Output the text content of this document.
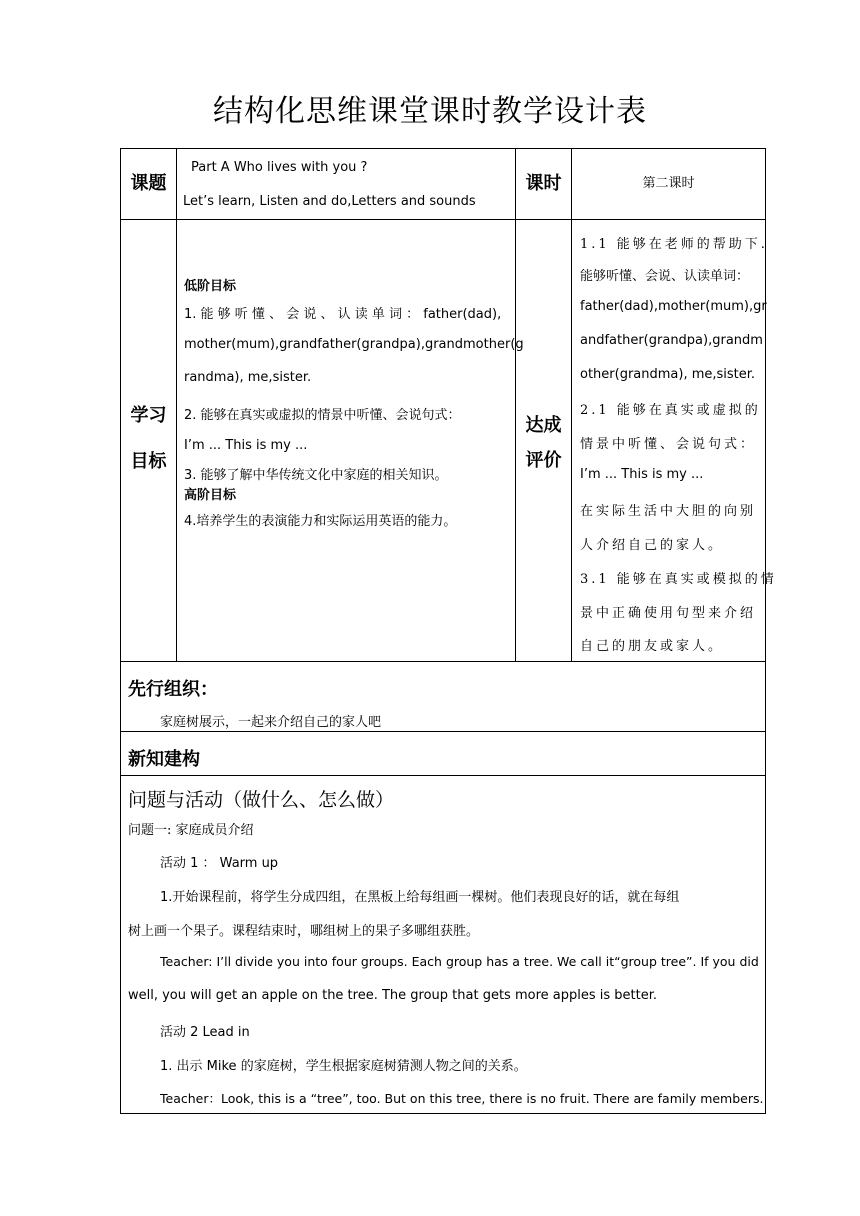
结构化思维课堂课时教学设计表
课题
Part A Who lives with you ?
Let’s learn, Listen and do,Letters and sounds
课时	第二课时
学习
目标
低阶目标
1. 能 够 听 懂 、 会 说 、 认 读 单 词 ： father(dad),
mother(mum),grandfather(grandpa),grandmother(g
randma), me,sister.
2. 能够在真实或虚拟的情景中听懂、会说句式：
I’m ... This is my ...
3. 能够了解中华传统文化中家庭的相关知识。
高阶目标
4.培养学生的表演能力和实际运用英语的能力。
达成
评价
1.1 能够在老师的帮助下.
能够听懂、会说、认读单词：
father(dad),mother(mum),gr
andfather(grandpa),grandm
other(grandma), me,sister.
2.1 能够在真实或虚拟的
情景中听懂、会说句式：
I’m ... This is my ...
在实际生活中大胆的向别
人介绍自己的家人。
3.1 能够在真实或模拟的情
景中正确使用句型来介绍
自己的朋友或家人。
先行组织：
家庭树展示，一起来介绍自己的家人吧
新知建构
问题与活动（做什么、怎么做）
问题一: 家庭成员介绍
活动 1 ： Warm up
1.开始课程前，将学生分成四组，在黑板上给每组画一棵树。他们表现良好的话，就在每组
树上画一个果子。课程结束时，哪组树上的果子多哪组获胜。
Teacher: I’ll divide you into four groups. Each group has a tree. We call it“group tree”. If you did
well, you will get an apple on the tree. The group that gets more apples is better.
活动 2 Lead in
1. 出示 Mike 的家庭树，学生根据家庭树猜测人物之间的关系。
Teacher：Look, this is a “tree”, too. But on this tree, there is no fruit. There are family members.
